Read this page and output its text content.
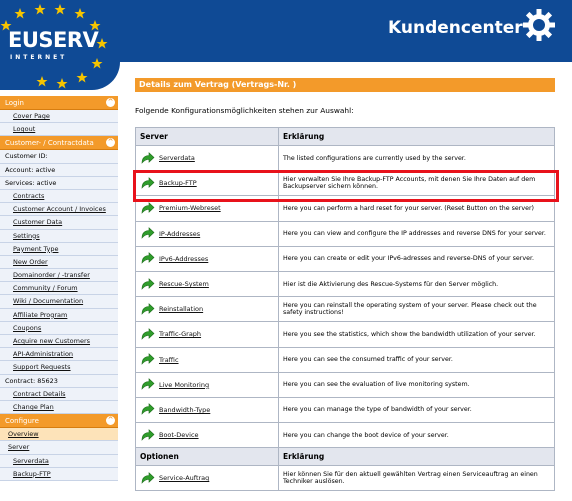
EUSERV
INTERNET
Kundencenter
Login	^
Cover Page
Logout
Customer- / Contractdata ^
Customer ID:
Account: active
Services: active
Contracts
Customer Account / Invoices
Customer Data
Settings
Payment Type
New Order
Domainorder / -transfer
Community / Forum
Wiki / Documentation
Affiliate Program
Coupons
Acquire new Customers
API-Administration
Support Requests
Contract: 85623
Contract Details
Change Plan
Configure	^
Overview
Server
Serverdata
Backup-FTP
Details zum Vertrag (Vertrags-Nr. )
Folgende Konfigurationsmöglichkeiten stehen zur Auswahl:
Server	Erklärung

Serverdata	The listed configurations are currently used by the server.

Backup-FTP	Hier verwalten Sie Ihre Backup-FTP Accounts, mit denen Sie Ihre Daten auf dem Backupserver sichern können.

Premium-Webreset	Here you can perform a hard reset for your server. (Reset Button on the server)

IP-Addresses	Here you can view and configure the IP addresses and reverse DNS for your server.

IPv6-Addresses	Here you can create or edit your IPv6-adresses and reverse-DNS of your server.

Rescue-System	Hier ist die Aktivierung des Rescue-Systems für den Server möglich.

Reinstallation	Here you can reinstall the operating system of your server. Please check out the safety instructions!

Traffic-Graph	Here you see the statistics, which show the bandwidth utilization of your server.

Traffic	Here you can see the consumed traffic of your server.

Live Monitoring	Here you can see the evaluation of live monitoring system.

Bandwidth-Type	Here you can manage the type of bandwidth of your server.

Boot-Device	Here you can change the boot device of your server.
Optionen	Erklärung

Service-Auftrag	Hier können Sie für den aktuell gewählten Vertrag einen Serviceauftrag an einen Techniker auslösen.
